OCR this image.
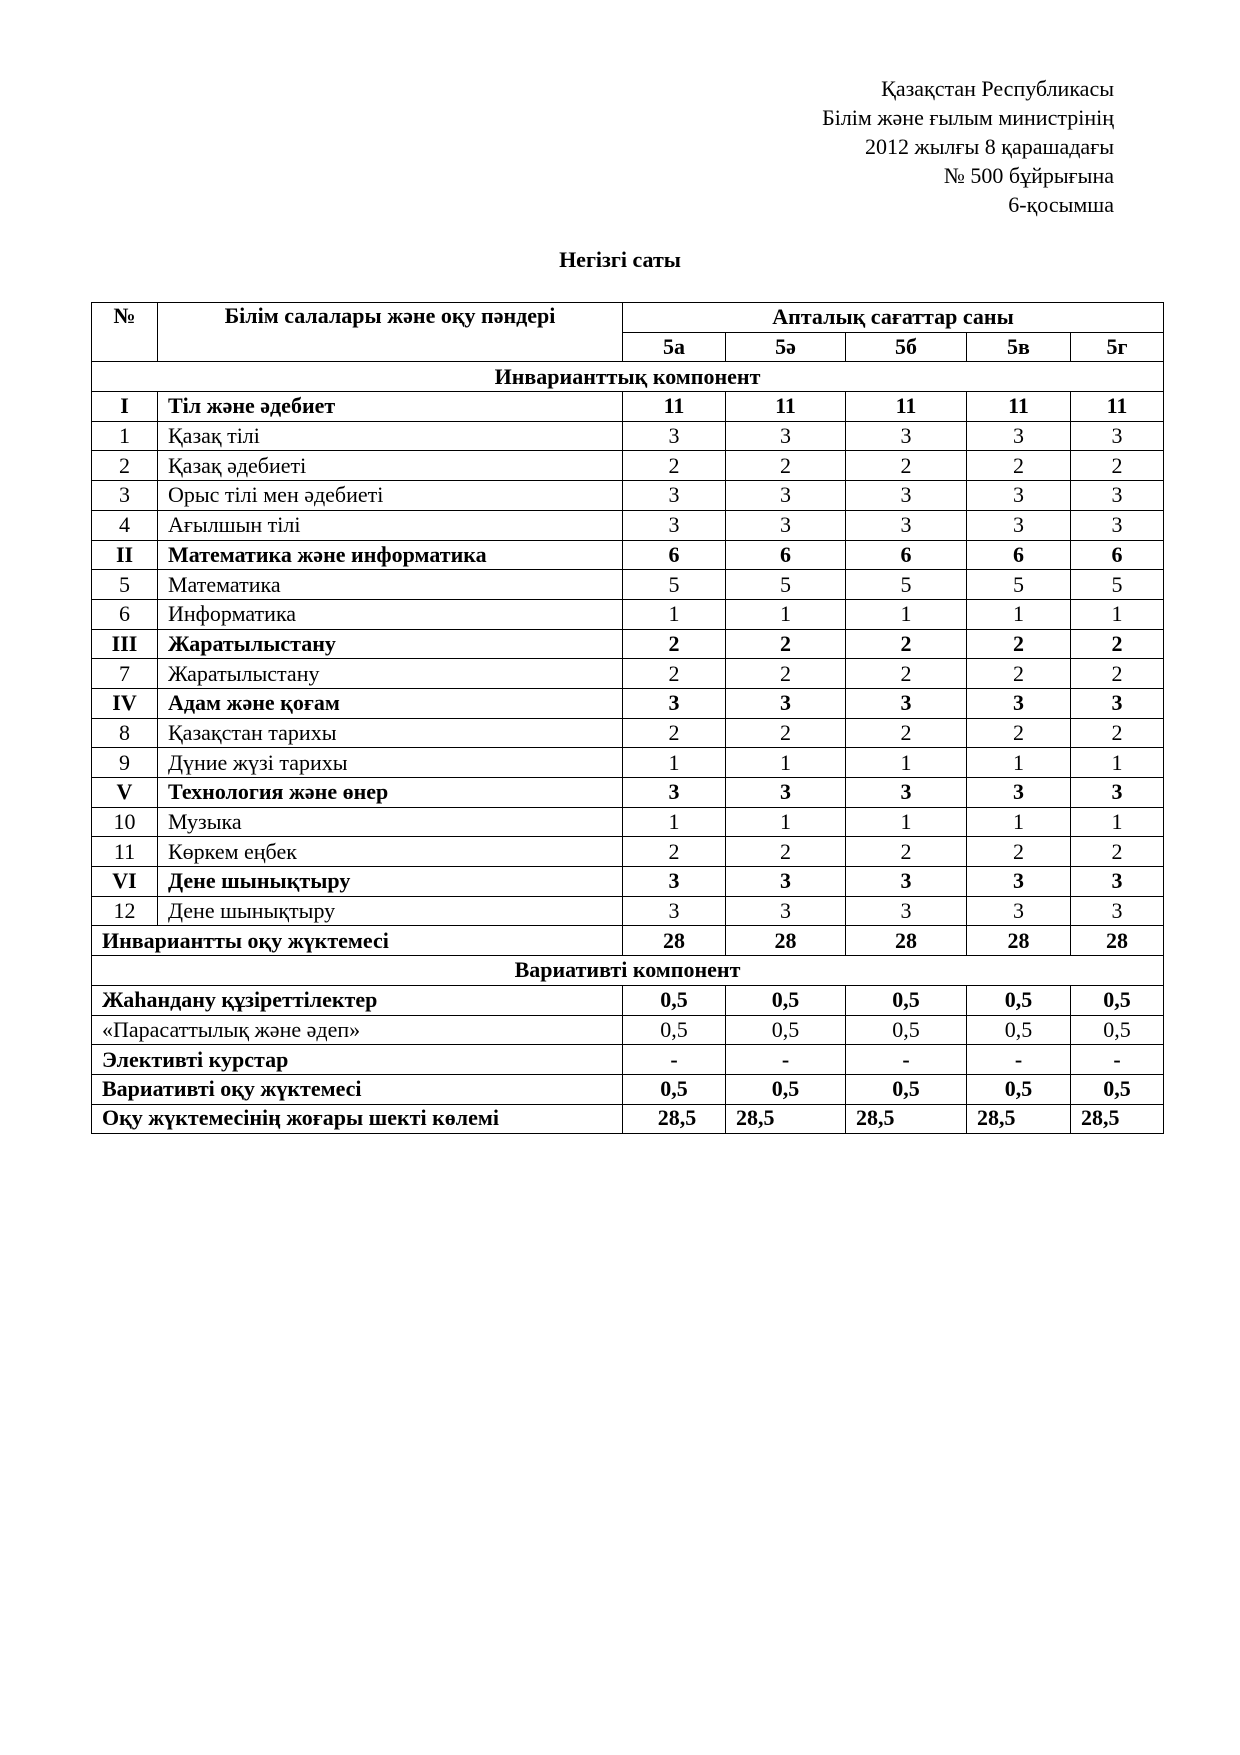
Қазақстан Республикасы
Білім және ғылым министрінің
2012 жылғы 8 қарашадағы
№ 500 бұйрығына
6-қосымша
Негізгі саты
№	Білім салалары және оқу пәндері	Апталық сағаттар саны				
		5а	5ә	5б	5в	5г
Инварианттық компонент						
I	Тіл және әдебиет	11	11	11	11	11
1	Қазақ тілі	3	3	3	3	3
2	Қазақ әдебиеті	2	2	2	2	2
3	Орыс тілі мен әдебиеті	3	3	3	3	3
4	Ағылшын тілі	3	3	3	3	3
II	Математика және информатика	6	6	6	6	6
5	Математика	5	5	5	5	5
6	Информатика	1	1	1	1	1
III	Жаратылыстану	2	2	2	2	2
7	Жаратылыстану	2	2	2	2	2
IV	Адам және қоғам	3	3	3	3	3
8	Қазақстан тарихы	2	2	2	2	2
9	Дүние жүзі тарихы	1	1	1	1	1
V	Технология және өнер	3	3	3	3	3
10	Музыка	1	1	1	1	1
11	Көркем еңбек	2	2	2	2	2
VI	Дене шынықтыру	3	3	3	3	3
12	Дене шынықтыру	3	3	3	3	3
Инвариантты оқу жүктемесі		28	28	28	28	28
Вариативті компонент						
Жаһандану құзіреттілектер		0,5	0,5	0,5	0,5	0,5
«Парасаттылық және әдеп»		0,5	0,5	0,5	0,5	0,5
Элективті курстар		-	-	-	-	-
Вариативті оқу жүктемесі		0,5	0,5	0,5	0,5	0,5
Оқу жүктемесінің жоғары шекті көлемі		28,5	28,5	28,5	28,5	28,5
